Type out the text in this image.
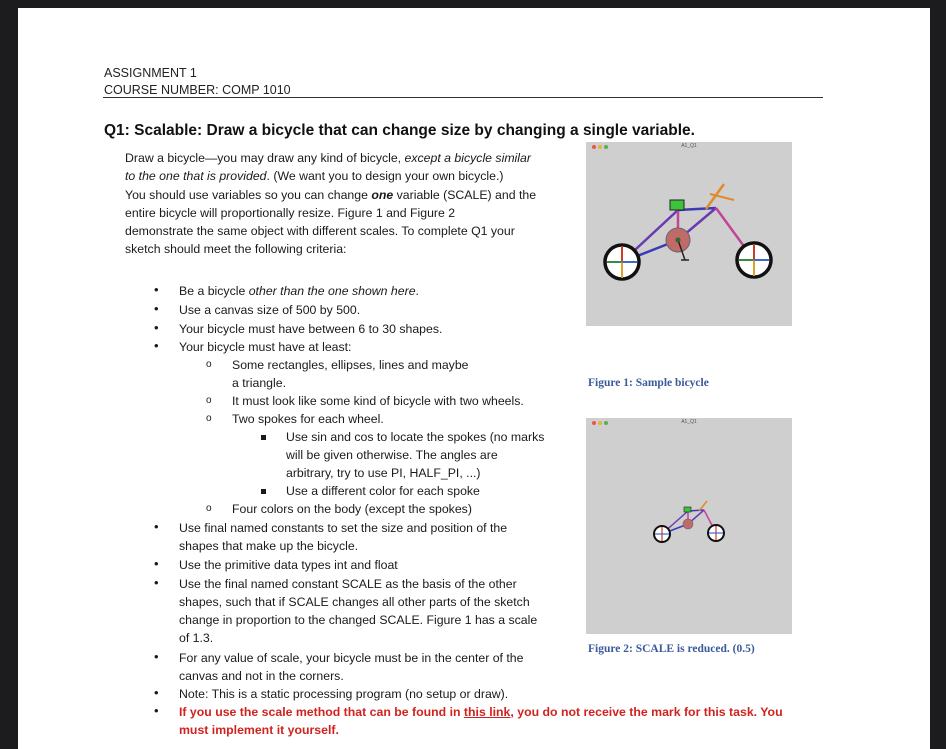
ASSIGNMENT 1
COURSE NUMBER: COMP 1010
Q1: Scalable: Draw a bicycle that can change size by changing a single variable.

Draw a bicycle—you may draw any kind of bicycle, except a bicycle similar

to the one that is provided. (We want you to design your own bicycle.)

You should use variables so you can change one variable (SCALE) and the

entire bicycle will proportionally resize. Figure 1 and Figure 2

demonstrate the same object with different scales. To complete Q1 your

sketch should meet the following criteria:

• Be a bicycle other than the one shown here.
• Use a canvas size of 500 by 500.
• Your bicycle must have between 6 to 30 shapes.
• Your bicycle must have at least:
o Some rectangles, ellipses, lines and maybe
a triangle.
o It must look like some kind of bicycle with two wheels.
o Two spokes for each wheel.
Use sin and cos to locate the spokes (no marks
will be given otherwise. The angles are
arbitrary, try to use PI, HALF_PI, ...)
Use a different color for each spoke
o Four colors on the body (except the spokes)
• Use final named constants to set the size and position of the
shapes that make up the bicycle.
• Use the primitive data types int and float
• Use the final named constant SCALE as the basis of the other
shapes, such that if SCALE changes all other parts of the sketch
change in proportion to the changed SCALE. Figure 1 has a scale
of 1.3.
• For any value of scale, your bicycle must be in the center of the
canvas and not in the corners.
• Note: This is a static processing program (no setup or draw).
• If you use the scale method that can be found in this link, you do not receive the mark for this task. You
must implement it yourself.
A1_Q1
Figure 1: Sample bicycle
A1_Q1
Figure 2: SCALE is reduced. (0.5)
